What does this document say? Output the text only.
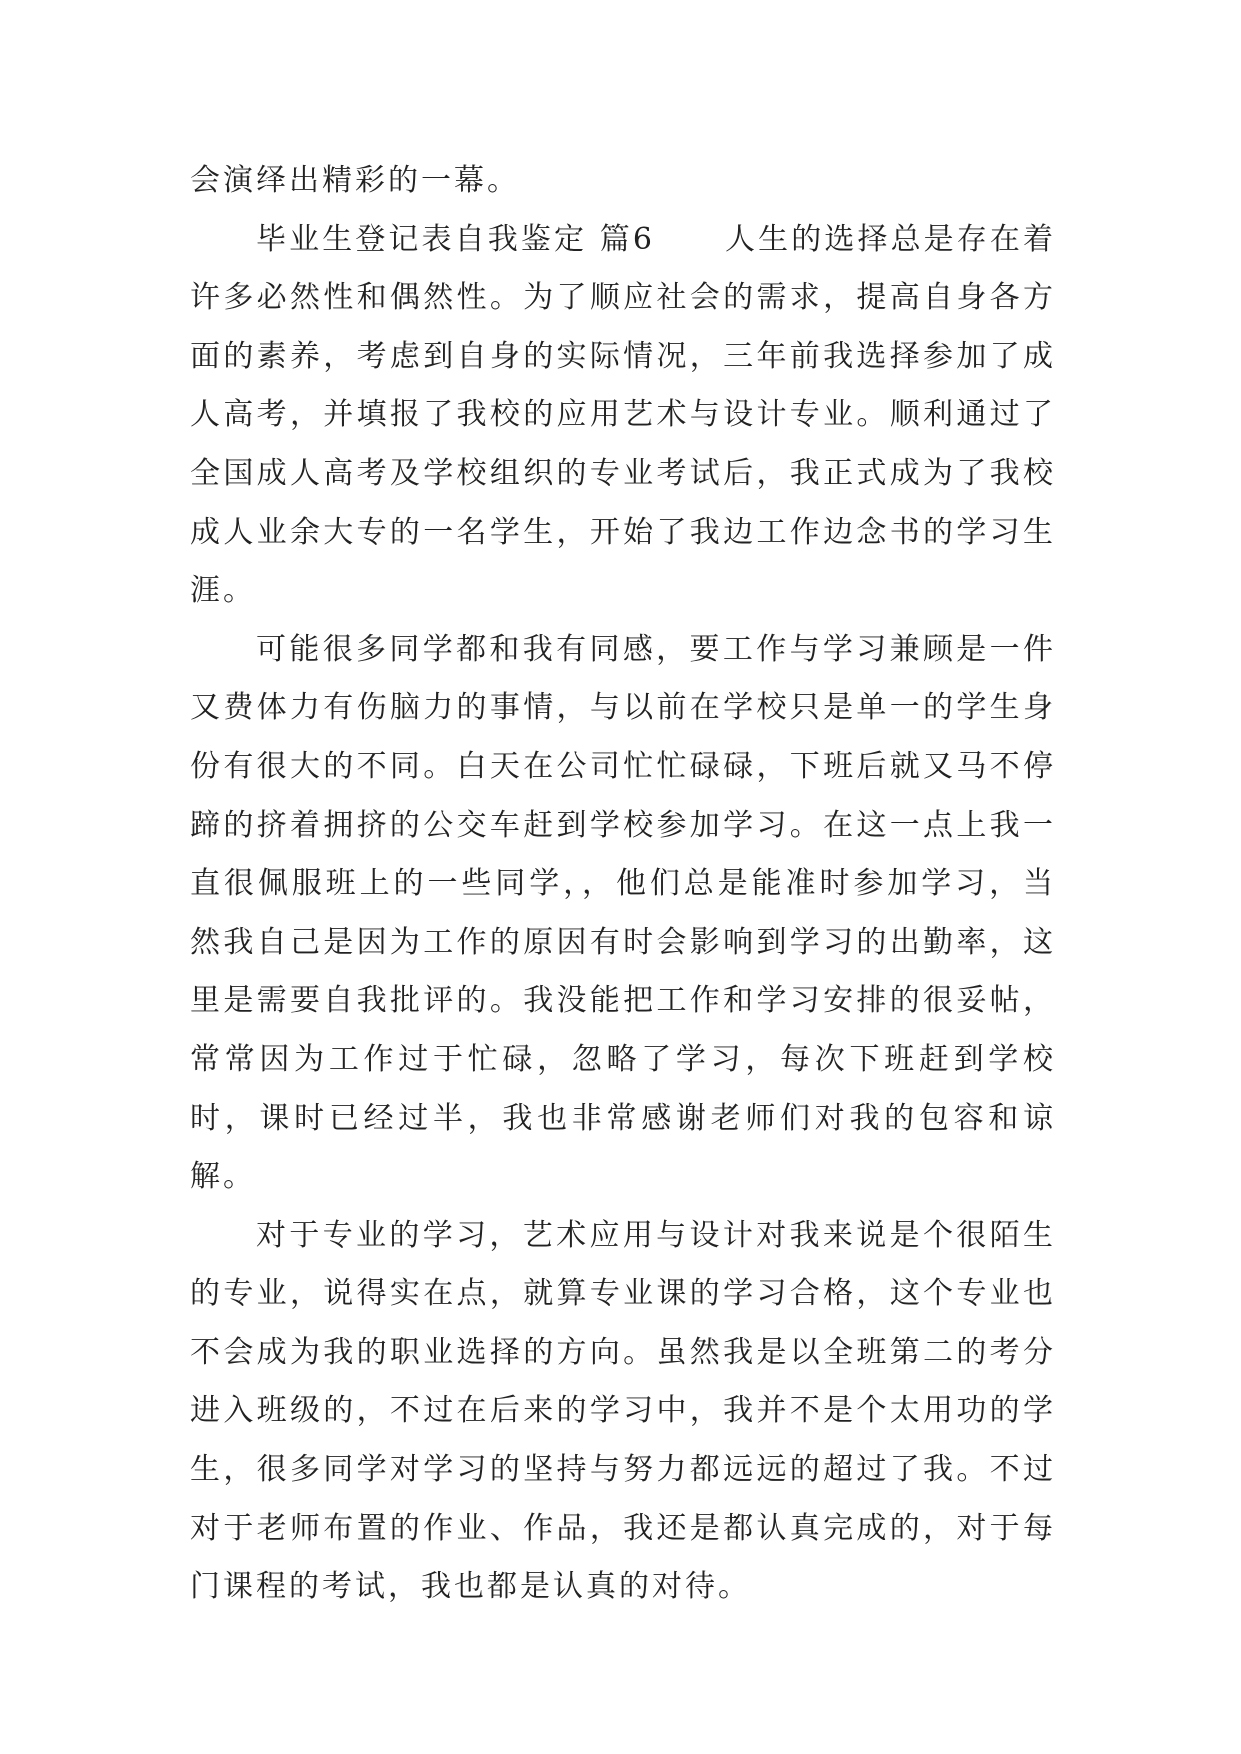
会演绎出精彩的一幕。

毕业生登记表自我鉴定 篇6 人生的选择总是存在着许多必然性和偶然性。为了顺应社会的需求，提高自身各方面的素养，考虑到自身的实际情况，三年前我选择参加了成人高考，并填报了我校的应用艺术与设计专业。顺利通过了全国成人高考及学校组织的专业考试后，我正式成为了我校成人业余大专的一名学生，开始了我边工作边念书的学习生涯。

可能很多同学都和我有同感，要工作与学习兼顾是一件又费体力有伤脑力的事情，与以前在学校只是单一的学生身份有很大的不同。白天在公司忙忙碌碌，下班后就又马不停蹄的挤着拥挤的公交车赶到学校参加学习。在这一点上我一直很佩服班上的一些同学，，他们总是能准时参加学习，当然我自己是因为工作的原因有时会影响到学习的出勤率，这里是需要自我批评的。我没能把工作和学习安排的很妥帖，常常因为工作过于忙碌，忽略了学习，每次下班赶到学校时，课时已经过半，我也非常感谢老师们对我的包容和谅解。

对于专业的学习，艺术应用与设计对我来说是个很陌生的专业，说得实在点，就算专业课的学习合格，这个专业也不会成为我的职业选择的方向。虽然我是以全班第二的考分进入班级的，不过在后来的学习中，我并不是个太用功的学生，很多同学对学习的坚持与努力都远远的超过了我。不过对于老师布置的作业、作品，我还是都认真完成的，对于每门课程的考试，我也都是认真的对待。
